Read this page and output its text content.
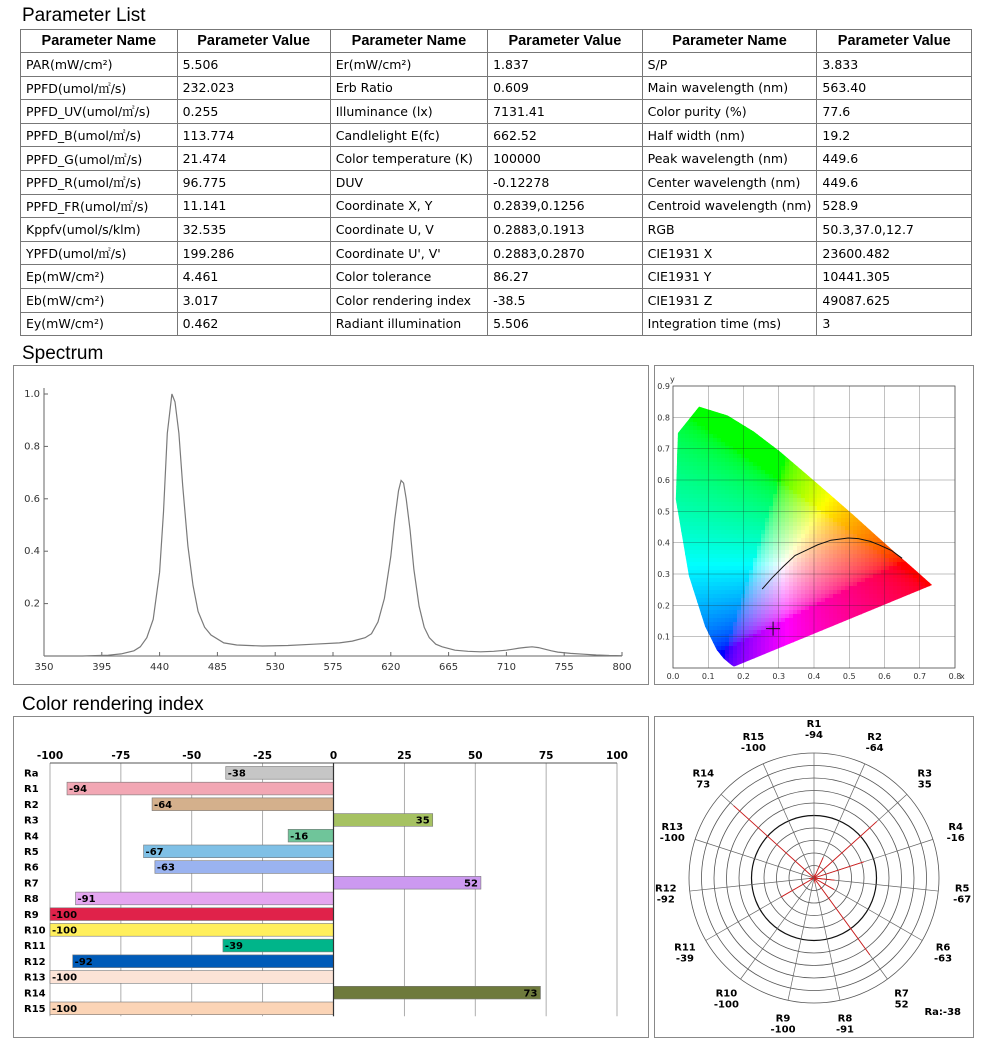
Parameter List
Parameter Name	Parameter Value	Parameter Name	Parameter Value	Parameter Name	Parameter Value
PAR(mW/cm²)	5.506	Er(mW/cm²)	1.837	S/P	3.833
PPFD(umol/㎡/s)	232.023	Erb Ratio	0.609	Main wavelength (nm)	563.40
PPFD_UV(umol/㎡/s)	0.255	Illuminance (lx)	7131.41	Color purity (%)	77.6
PPFD_B(umol/㎡/s)	113.774	Candlelight E(fc)	662.52	Half width (nm)	19.2
PPFD_G(umol/㎡/s)	21.474	Color temperature (K)	100000	Peak wavelength (nm)	449.6
PPFD_R(umol/㎡/s)	96.775	DUV	-0.12278	Center wavelength (nm)	449.6
PPFD_FR(umol/㎡/s)	11.141	Coordinate X, Y	0.2839,0.1256	Centroid wavelength (nm)	528.9
Kppfv(umol/s/klm)	32.535	Coordinate U, V	0.2883,0.1913	RGB	50.3,37.0,12.7
YPFD(umol/㎡/s)	199.286	Coordinate U', V'	0.2883,0.2870	CIE1931 X	23600.482
Ep(mW/cm²)	4.461	Color tolerance	86.27	CIE1931 Y	10441.305
Eb(mW/cm²)	3.017	Color rendering index	-38.5	CIE1931 Z	49087.625
Ey(mW/cm²)	0.462	Radiant illumination	5.506	Integration time (ms)	3
Spectrum
0.2
0.4
0.6
0.8
1.0
350	395	440	485	530	575	620	665	710	755	800
0.0	0.1	0.2	0.3	0.4	0.5	0.6	0.7	0.8
0.1
0.2
0.3
0.4
0.5
0.6
0.7
0.8
0.9
x
y
Color rendering index
-100	-75	-50	-25	0	25	50	75	100
Ra	-38
R1	-94
R2	-64
R3	35
R4	-16
R5	-67
R6	-63
R7	52
R8	-91
R9 -100
R10 -100
R11	-39
R12	-92
R13 -100
R14	73
R15 -100
R1
-94	R2
-64
R3
35
R4
-16
R5
-67
R6
-63
R7
52
R8
-91
R9
-100
R10
-100
R11
-39
R12
-92
R13
-100
R14
73
R15
-100
Ra:-38
